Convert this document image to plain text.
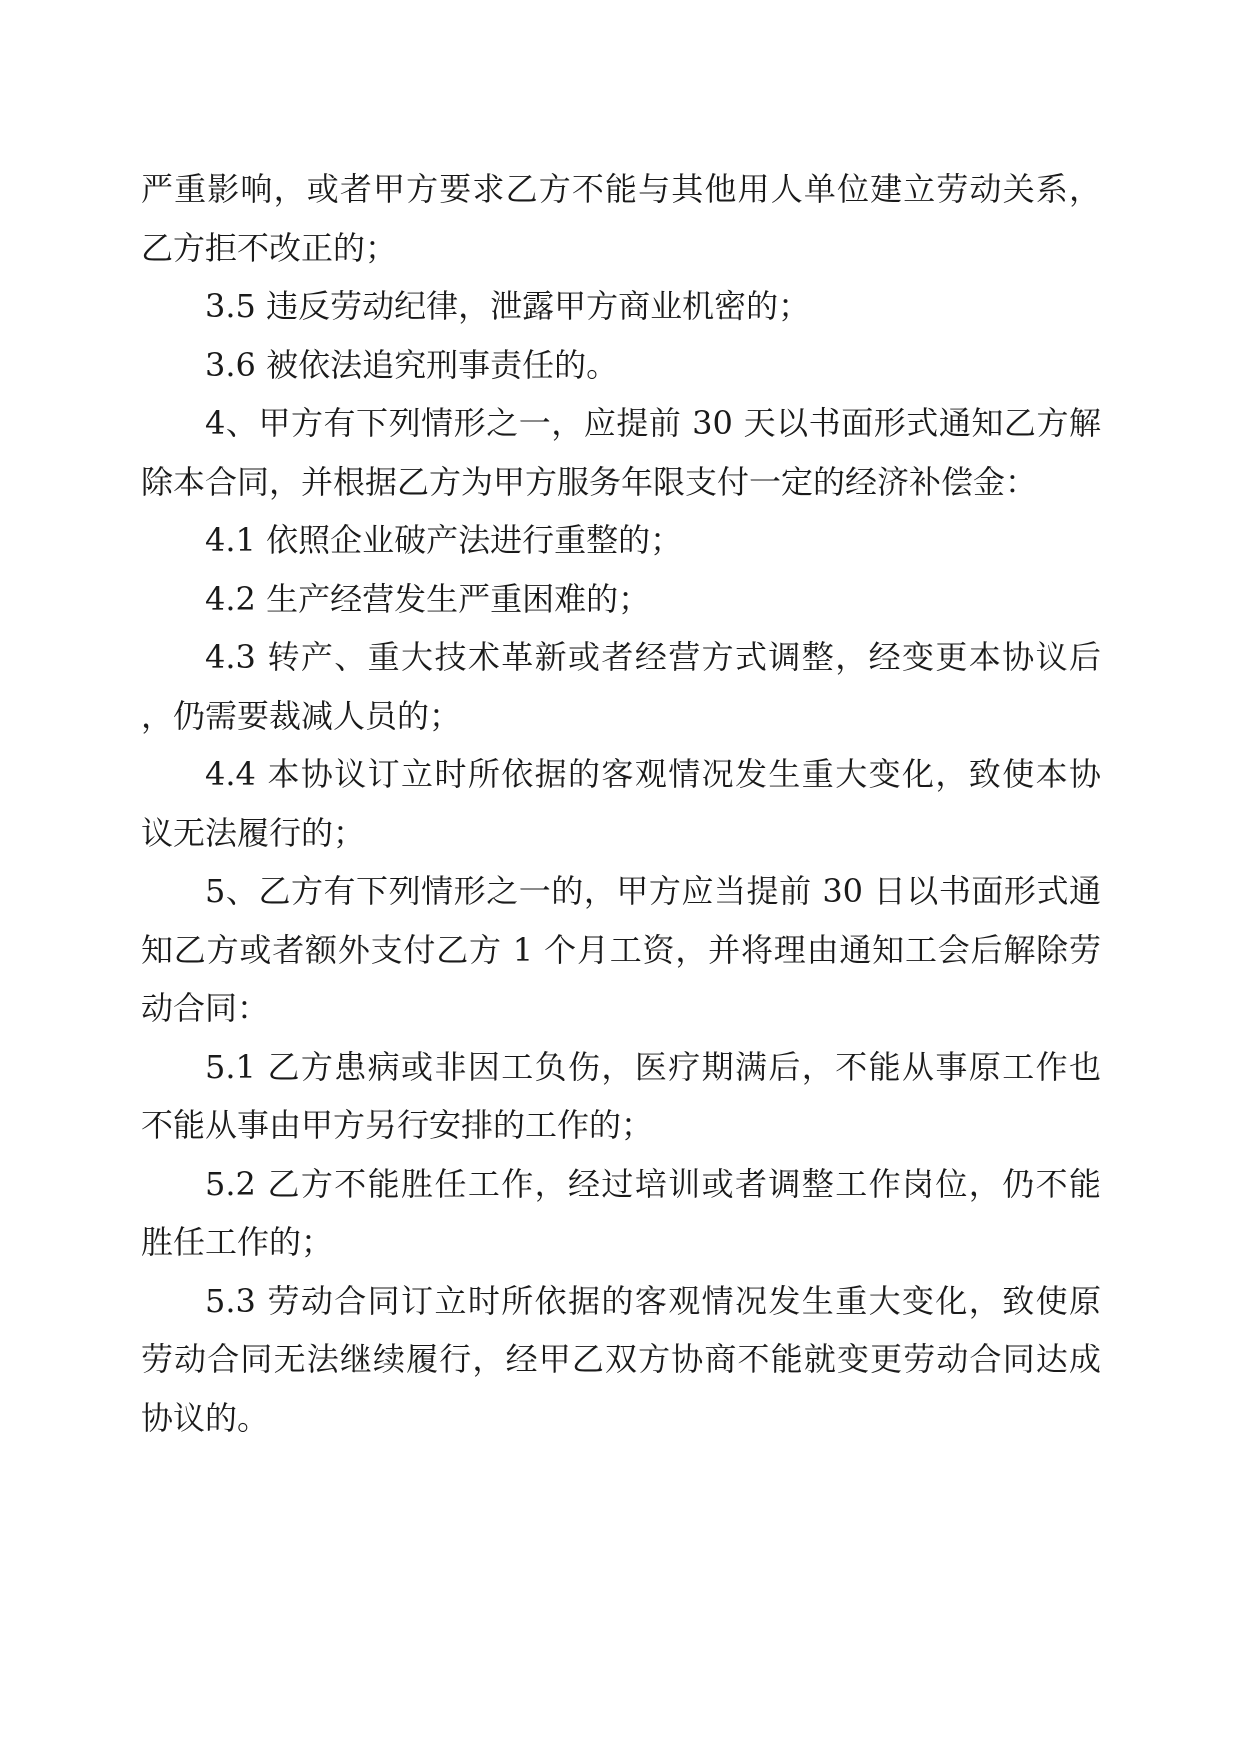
严重影响，或者甲方要求乙方不能与其他用人单位建立劳动关系，
乙方拒不改正的；
3.5 违反劳动纪律，泄露甲方商业机密的；
3.6 被依法追究刑事责任的。
4、甲方有下列情形之一，应提前 30 天以书面形式通知乙方解
除本合同，并根据乙方为甲方服务年限支付一定的经济补偿金：
4.1 依照企业破产法进行重整的；
4.2 生产经营发生严重困难的；
4.3 转产、重大技术革新或者经营方式调整，经变更本协议后
，仍需要裁减人员的；
4.4 本协议订立时所依据的客观情况发生重大变化，致使本协
议无法履行的；
5、乙方有下列情形之一的，甲方应当提前 30 日以书面形式通
知乙方或者额外支付乙方 1 个月工资，并将理由通知工会后解除劳
动合同：
5.1 乙方患病或非因工负伤，医疗期满后，不能从事原工作也
不能从事由甲方另行安排的工作的；
5.2 乙方不能胜任工作，经过培训或者调整工作岗位，仍不能
胜任工作的；
5.3 劳动合同订立时所依据的客观情况发生重大变化，致使原
劳动合同无法继续履行，经甲乙双方协商不能就变更劳动合同达成
协议的。
